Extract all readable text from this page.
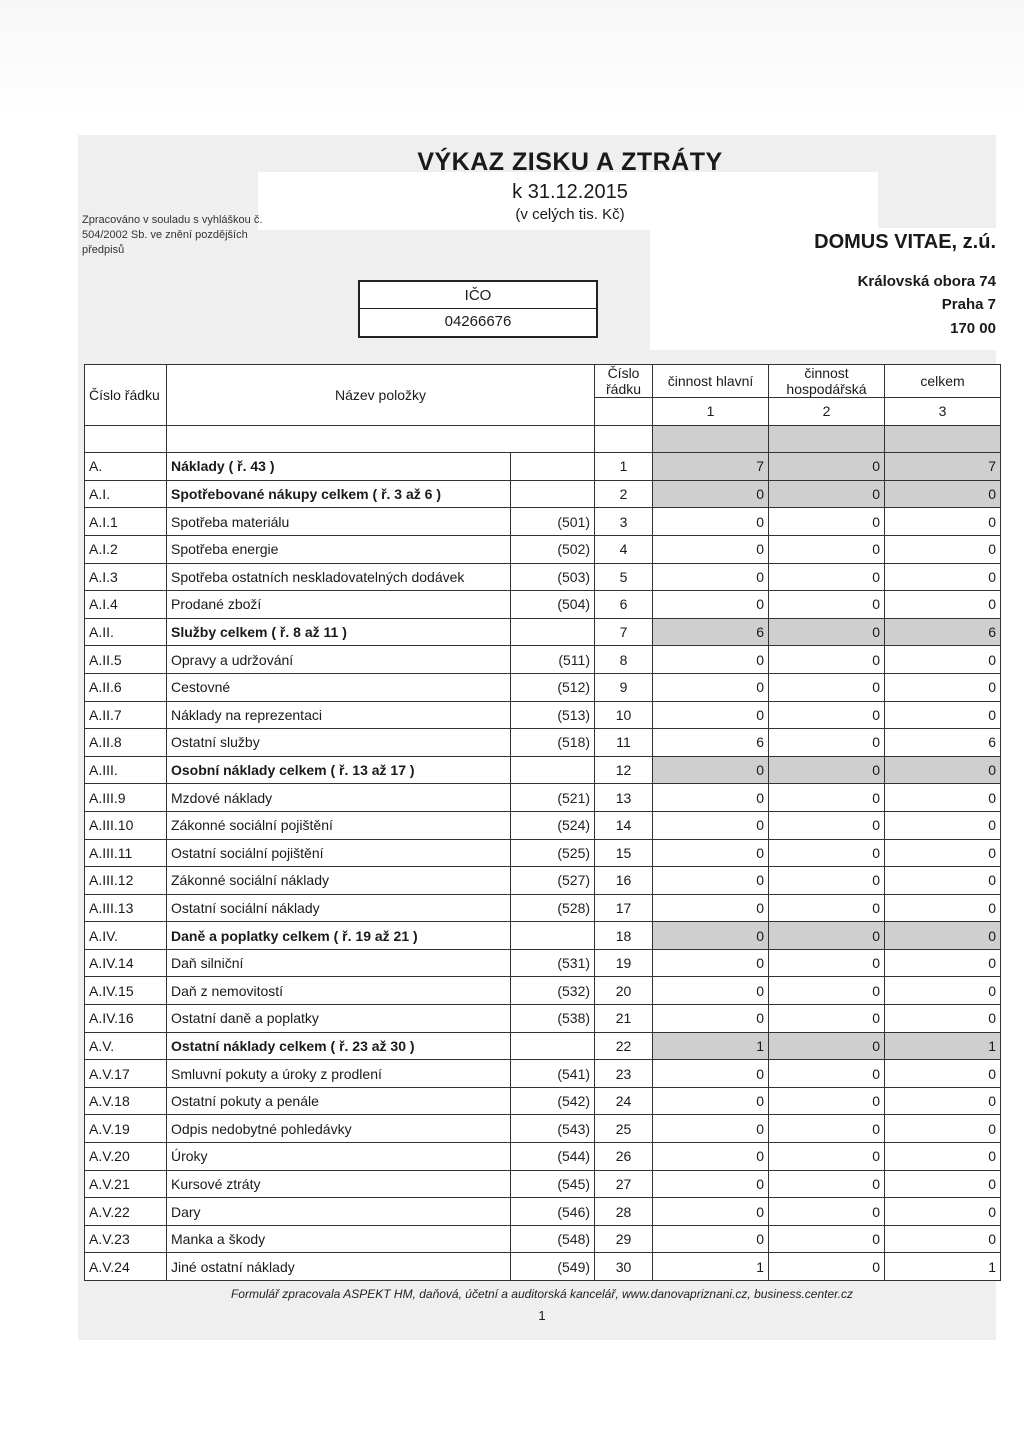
VÝKAZ ZISKU A ZTRÁTY
k 31.12.2015
(v celých tis. Kč)
Zpracováno v souladu s vyhláškou č. 504/2002 Sb. ve znění pozdějších předpisů
IČO
04266676
DOMUS VITAE, z.ú.
Královská obora 74
Praha 7
170 00
Číslo řádku	Název položky		Číslo řádku	činnost hlavní	činnost hospodářská	celkem
				1	2	3

A.	Náklady ( ř. 43 )		1	7	0	7
A.I.	Spotřebované nákupy celkem ( ř. 3 až 6 )		2	0	0	0
A.I.1	Spotřeba materiálu	(501)	3	0	0	0
A.I.2	Spotřeba energie	(502)	4	0	0	0
A.I.3	Spotřeba ostatních neskladovatelných dodávek	(503)	5	0	0	0
A.I.4	Prodané zboží	(504)	6	0	0	0
A.II.	Služby celkem ( ř. 8 až 11 )		7	6	0	6
A.II.5	Opravy a udržování	(511)	8	0	0	0
A.II.6	Cestovné	(512)	9	0	0	0
A.II.7	Náklady na reprezentaci	(513)	10	0	0	0
A.II.8	Ostatní služby	(518)	11	6	0	6
A.III.	Osobní náklady celkem ( ř. 13 až 17 )		12	0	0	0
A.III.9	Mzdové náklady	(521)	13	0	0	0
A.III.10	Zákonné sociální pojištění	(524)	14	0	0	0
A.III.11	Ostatní sociální pojištění	(525)	15	0	0	0
A.III.12	Zákonné sociální náklady	(527)	16	0	0	0
A.III.13	Ostatní sociální náklady	(528)	17	0	0	0
A.IV.	Daně a poplatky celkem ( ř. 19 až 21 )		18	0	0	0
A.IV.14	Daň silniční	(531)	19	0	0	0
A.IV.15	Daň z nemovitostí	(532)	20	0	0	0
A.IV.16	Ostatní daně a poplatky	(538)	21	0	0	0
A.V.	Ostatní náklady celkem ( ř. 23 až 30 )		22	1	0	1
A.V.17	Smluvní pokuty a úroky z prodlení	(541)	23	0	0	0
A.V.18	Ostatní pokuty a penále	(542)	24	0	0	0
A.V.19	Odpis nedobytné pohledávky	(543)	25	0	0	0
A.V.20	Úroky	(544)	26	0	0	0
A.V.21	Kursové ztráty	(545)	27	0	0	0
A.V.22	Dary	(546)	28	0	0	0
A.V.23	Manka a škody	(548)	29	0	0	0
A.V.24	Jiné ostatní náklady	(549)	30	1	0	1
Formulář zpracovala ASPEKT HM, daňová, účetní a auditorská kancelář, www.danovapriznani.cz, business.center.cz
1
